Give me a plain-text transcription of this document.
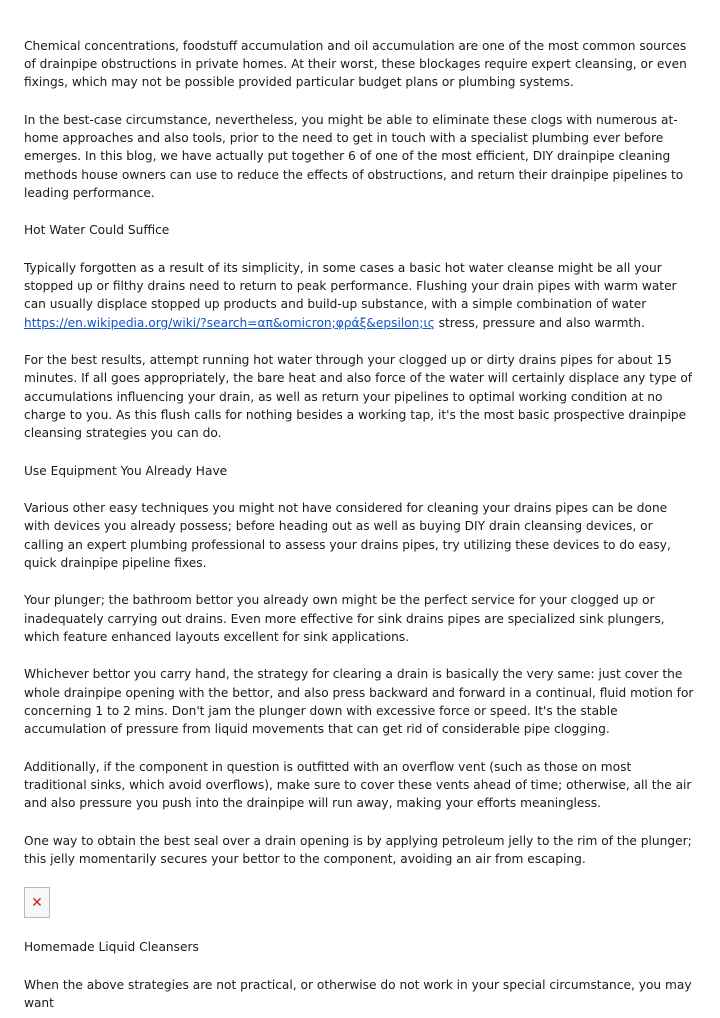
Chemical concentrations, foodstuff accumulation and oil accumulation are one of the most common sources of drainpipe obstructions in private homes. At their worst, these blockages require expert cleansing, or even fixings, which may not be possible provided particular budget plans or plumbing systems.

In the best-case circumstance, nevertheless, you might be able to eliminate these clogs with numerous at-home approaches and also tools, prior to the need to get in touch with a specialist plumbing ever before emerges. In this blog, we have actually put together 6 of one of the most efficient, DIY drainpipe cleaning methods house owners can use to reduce the effects of obstructions, and return their drainpipe pipelines to leading performance.

Hot Water Could Suffice

Typically forgotten as a result of its simplicity, in some cases a basic hot water cleanse might be all your stopped up or filthy drains need to return to peak performance. Flushing your drain pipes with warm water can usually displace stopped up products and build-up substance, with a simple combination of water https://en.wikipedia.org/wiki/?search=απ&omicron;φράξ&epsilon;ις stress, pressure and also warmth.

For the best results, attempt running hot water through your clogged up or dirty drains pipes for about 15 minutes. If all goes appropriately, the bare heat and also force of the water will certainly displace any type of accumulations influencing your drain, as well as return your pipelines to optimal working condition at no charge to you. As this flush calls for nothing besides a working tap, it's the most basic prospective drainpipe cleansing strategies you can do.

Use Equipment You Already Have

Various other easy techniques you might not have considered for cleaning your drains pipes can be done with devices you already possess; before heading out as well as buying DIY drain cleansing devices, or calling an expert plumbing professional to assess your drains pipes, try utilizing these devices to do easy, quick drainpipe pipeline fixes.

Your plunger; the bathroom bettor you already own might be the perfect service for your clogged up or inadequately carrying out drains. Even more effective for sink drains pipes are specialized sink plungers, which feature enhanced layouts excellent for sink applications.

Whichever bettor you carry hand, the strategy for clearing a drain is basically the very same: just cover the whole drainpipe opening with the bettor, and also press backward and forward in a continual, fluid motion for concerning 1 to 2 mins. Don't jam the plunger down with excessive force or speed. It's the stable accumulation of pressure from liquid movements that can get rid of considerable pipe clogging.

Additionally, if the component in question is outfitted with an overflow vent (such as those on most traditional sinks, which avoid overflows), make sure to cover these vents ahead of time; otherwise, all the air and also pressure you push into the drainpipe will run away, making your efforts meaningless.

One way to obtain the best seal over a drain opening is by applying petroleum jelly to the rim of the plunger; this jelly momentarily secures your bettor to the component, avoiding an air from escaping.

✕

Homemade Liquid Cleansers

When the above strategies are not practical, or otherwise do not work in your special circumstance, you may want
